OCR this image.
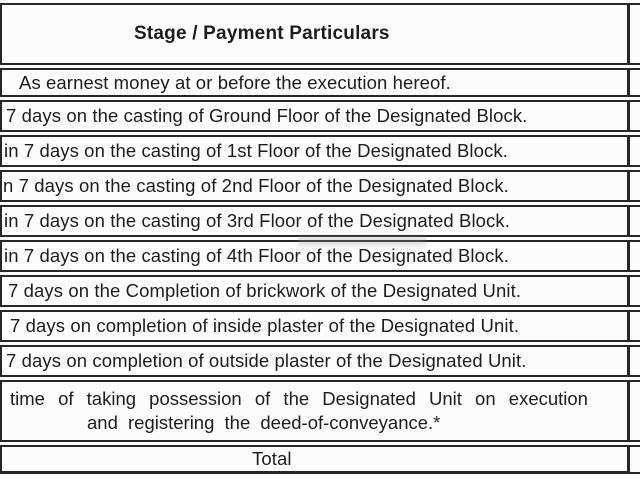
Stage / Payment Particulars
As earnest money at or before the execution hereof.
7 days on the casting of Ground Floor of the Designated Block.
in 7 days on the casting of 1st Floor of the Designated Block.
n 7 days on the casting of 2nd Floor of the Designated Block.
in 7 days on the casting of 3rd Floor of the Designated Block.
in 7 days on the casting of 4th Floor of the Designated Block.
7 days on the Completion of brickwork of the Designated Unit.
7 days on completion of inside plaster of the Designated Unit.
7 days on completion of outside plaster of the Designated Unit.
time of taking possession of the Designated Unit on execution
and registering the deed-of-conveyance.*
Total
